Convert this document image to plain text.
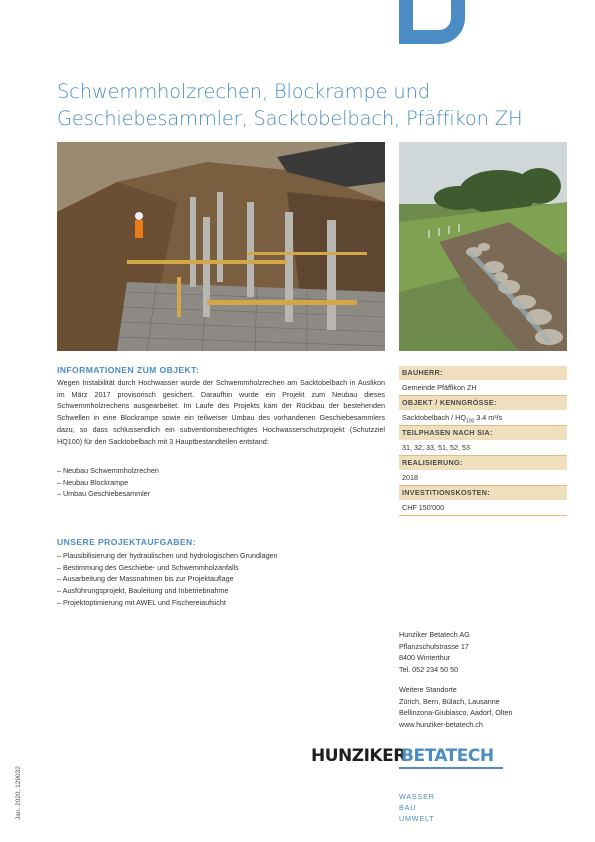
Schwemmholzrechen, Blockrampe und
Geschiebesammler, Sacktobelbach, Pfäffikon ZH
INFORMATIONEN ZUM OBJEKT:

Wegen Instabilität durch Hochwasser wurde der Schwemmholzrechen am Sacktobelbach in Auslikon im März 2017 provisorisch gesichert. Daraufhin wurde ein Projekt zum Neubau dieses Schwemmholzrechens ausgearbeitet. Im Laufe des Projekts kam der Rückbau der bestehenden Schwellen in eine Blockrampe sowie ein teilweiser Umbau des vorhandenen Geschiebesammlers dazu, so dass schlussendlich ein subventionsberechtigtes Hochwasserschutzprojekt (Schutzziel HQ100) für den Sacktobelbach mit 3 Hauptbestandteilen entstand:

– Neubau Schwemmholzrechen
– Neubau Blockrampe
– Umbau Geschiebesammler
UNSERE PROJEKTAUFGABEN:
– Plausibilisierung der hydraulischen und hydrologischen Grundlagen
– Bestimmung des Geschiebe- und Schwemmholzanfalls
– Ausarbeitung der Massnahmen bis zur Projektauflage
– Ausführungsprojekt, Bauleitung und Inbetriebnahme
– Projektoptimierung mit AWEL und Fischereiaufsicht
BAUHERR:
Gemeinde Pfäffikon ZH
OBJEKT / KENNGRÖSSE:
Sacktobelbach / $HQ_{100}$ 3.4 m³/s
TEILPHASEN NACH SIA:
31, 32, 33, 51, 52, 53
REALISIERUNG:
2018
INVESTITIONSKOSTEN:
CHF 150'000

Hunziker Betatech AG

Pflanzschulstrasse 17

8400 Winterthur

Tel. 052 234 50 50

Weitere Standorte

Zürich, Bern, Bülach, Lausanne

Bellinzona-Giubiasco, Aadorf, Olten

www.hunziker-betatech.ch

HUNZIKER
BETATECH
WASSER
BAU
UMWELT
Jan. 2020, 129032
